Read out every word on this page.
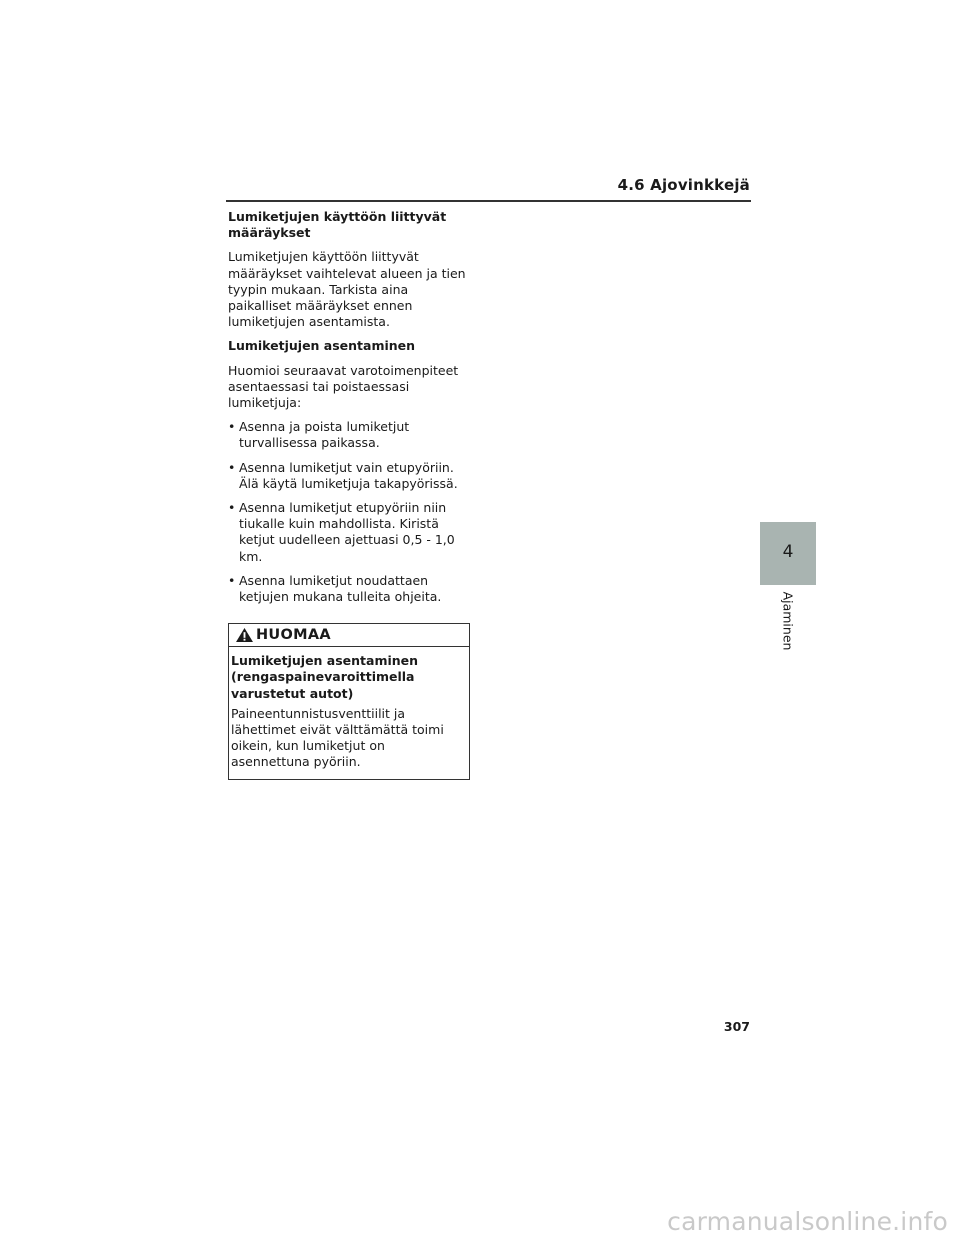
4.6 Ajovinkkejä

Lumiketjujen käyttöön liittyvät määräykset

Lumiketjujen käyttöön liittyvät määräykset vaihtelevat alueen ja tien tyypin mukaan. Tarkista aina paikalliset määräykset ennen lumiketjujen asentamista.

Lumiketjujen asentaminen

Huomioi seuraavat varotoimenpiteet asentaessasi tai poistaessasi lumiketjuja:

• Asenna ja poista lumiketjut turvallisessa paikassa.
• Asenna lumiketjut vain etupyöriin. Älä käytä lumiketjuja takapyörissä.
• Asenna lumiketjut etupyöriin niin tiukalle kuin mahdollista. Kiristä ketjut uudelleen ajettuasi 0,5 - 1,0 km.
• Asenna lumiketjut noudattaen ketjujen mukana tulleita ohjeita.
HUOMAA

Lumiketjujen asentaminen (rengaspainevaroittimella varustetut autot)

Paineentunnistusventtiilit ja lähettimet eivät välttämättä toimi oikein, kun lumiketjut on asennettuna pyöriin.

4
Ajaminen
307
carmanualsonline.info
